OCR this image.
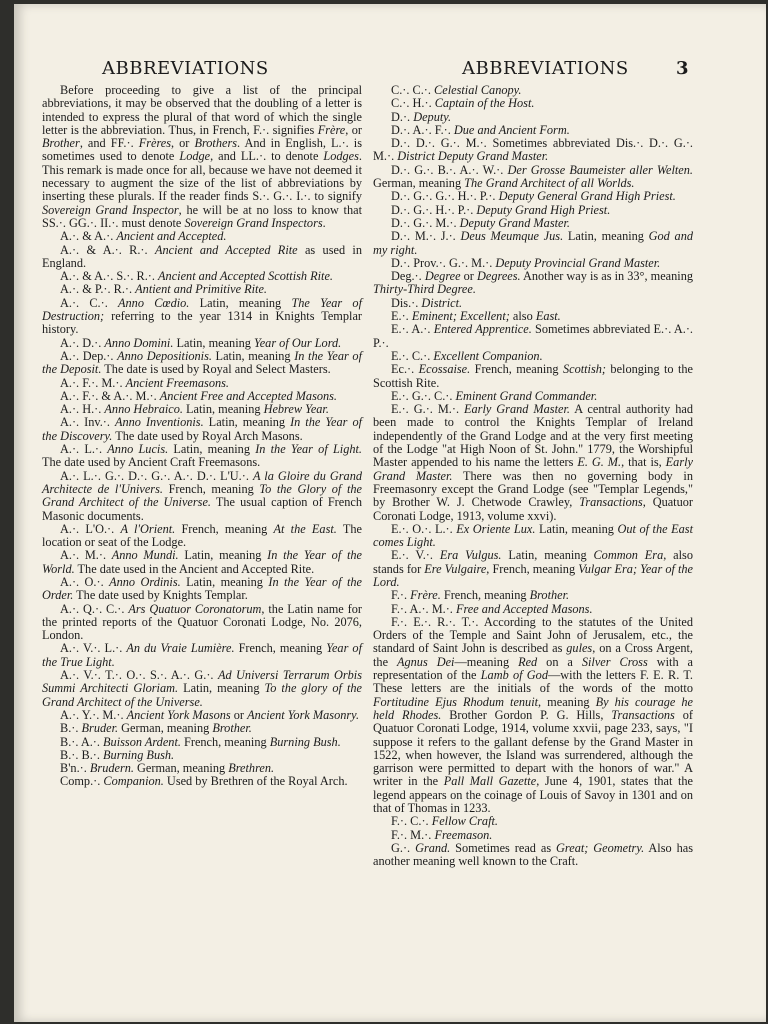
ABBREVIATIONS	ABBREVIATIONS	3

Before proceeding to give a list of the principal abbreviations, it may be observed that the doubling of a letter is intended to express the plural of that word of which the single letter is the abbreviation. Thus, in French, F.·. signifies Frère, or Brother, and FF.·. Frères, or Brothers. And in English, L.·. is sometimes used to denote Lodge, and LL.·. to denote Lodges. This remark is made once for all, because we have not deemed it necessary to augment the size of the list of abbreviations by inserting these plurals. If the reader finds S.·. G.·. I.·. to signify Sovereign Grand Inspector, he will be at no loss to know that SS.·. GG.·. II.·. must denote Sovereign Grand Inspectors.

A.·. & A.·. Ancient and Accepted.

A.·. & A.·. R.·. Ancient and Accepted Rite as used in England.

A.·. & A.·. S.·. R.·. Ancient and Accepted Scottish Rite.

A.·. & P.·. R.·. Antient and Primitive Rite.

A.·. C.·. Anno Cœdio. Latin, meaning The Year of Destruction; referring to the year 1314 in Knights Templar history.

A.·. D.·. Anno Domini. Latin, meaning Year of Our Lord.

A.·. Dep.·. Anno Depositionis. Latin, meaning In the Year of the Deposit. The date is used by Royal and Select Masters.

A.·. F.·. M.·. Ancient Freemasons.

A.·. F.·. & A.·. M.·. Ancient Free and Accepted Masons.

A.·. H.·. Anno Hebraico. Latin, meaning Hebrew Year.

A.·. Inv.·. Anno Inventionis. Latin, meaning In the Year of the Discovery. The date used by Royal Arch Masons.

A.·. L.·. Anno Lucis. Latin, meaning In the Year of Light. The date used by Ancient Craft Freemasons.

A.·. L.·. G.·. D.·. G.·. A.·. D.·. L'U.·. A la Gloire du Grand Architecte de l'Univers. French, meaning To the Glory of the Grand Architect of the Universe. The usual caption of French Masonic documents.

A.·. L'O.·. A l'Orient. French, meaning At the East. The location or seat of the Lodge.

A.·. M.·. Anno Mundi. Latin, meaning In the Year of the World. The date used in the Ancient and Accepted Rite.

A.·. O.·. Anno Ordinis. Latin, meaning In the Year of the Order. The date used by Knights Templar.

A.·. Q.·. C.·. Ars Quatuor Coronatorum, the Latin name for the printed reports of the Quatuor Coronati Lodge, No. 2076, London.

A.·. V.·. L.·. An du Vraie Lumière. French, meaning Year of the True Light.

A.·. V.·. T.·. O.·. S.·. A.·. G.·. Ad Universi Terrarum Orbis Summi Architecti Gloriam. Latin, meaning To the glory of the Grand Architect of the Universe.

A.·. Y.·. M.·. Ancient York Masons or Ancient York Masonry.

B.·. Bruder. German, meaning Brother.

B.·. A.·. Buisson Ardent. French, meaning Burning Bush.

B.·. B.·. Burning Bush.

B'n.·. Brudern. German, meaning Brethren.

Comp.·. Companion. Used by Brethren of the Royal Arch.

C.·. C.·. Celestial Canopy.

C.·. H.·. Captain of the Host.

D.·. Deputy.

D.·. A.·. F.·. Due and Ancient Form.

D.·. D.·. G.·. M.·. Sometimes abbreviated Dis.·. D.·. G.·. M.·. District Deputy Grand Master.

D.·. G.·. B.·. A.·. W.·. Der Grosse Baumeister aller Welten. German, meaning The Grand Architect of all Worlds.

D.·. G.·. G.·. H.·. P.·. Deputy General Grand High Priest.

D.·. G.·. H.·. P.·. Deputy Grand High Priest.

D.·. G.·. M.·. Deputy Grand Master.

D.·. M.·. J.·. Deus Meumque Jus. Latin, meaning God and my right.

D.·. Prov.·. G.·. M.·. Deputy Provincial Grand Master.

Deg.·. Degree or Degrees. Another way is as in 33°, meaning Thirty-Third Degree.

Dis.·. District.

E.·. Eminent; Excellent; also East.

E.·. A.·. Entered Apprentice. Sometimes abbreviated E.·. A.·. P.·.

E.·. C.·. Excellent Companion.

Ec.·. Ecossaise. French, meaning Scottish; belonging to the Scottish Rite.

E.·. G.·. C.·. Eminent Grand Commander.

E.·. G.·. M.·. Early Grand Master. A central authority had been made to control the Knights Templar of Ireland independently of the Grand Lodge and at the very first meeting of the Lodge "at High Noon of St. John." 1779, the Worshipful Master appended to his name the letters E. G. M., that is, Early Grand Master. There was then no governing body in Freemasonry except the Grand Lodge (see "Templar Legends," by Brother W. J. Chetwode Crawley, Transactions, Quatuor Coronati Lodge, 1913, volume xxvi).

E.·. O.·. L.·. Ex Oriente Lux. Latin, meaning Out of the East comes Light.

E.·. V.·. Era Vulgus. Latin, meaning Common Era, also stands for Ere Vulgaire, French, meaning Vulgar Era; Year of the Lord.

F.·. Frère. French, meaning Brother.

F.·. A.·. M.·. Free and Accepted Masons.

F.·. E.·. R.·. T.·. According to the statutes of the United Orders of the Temple and Saint John of Jerusalem, etc., the standard of Saint John is described as gules, on a Cross Argent, the Agnus Dei—meaning Red on a Silver Cross with a representation of the Lamb of God—with the letters F. E. R. T. These letters are the initials of the words of the motto Fortitudine Ejus Rhodum tenuit, meaning By his courage he held Rhodes. Brother Gordon P. G. Hills, Transactions of Quatuor Coronati Lodge, 1914, volume xxvii, page 233, says, "I suppose it refers to the gallant defense by the Grand Master in 1522, when however, the Island was surrendered, although the garrison were permitted to depart with the honors of war." A writer in the Pall Mall Gazette, June 4, 1901, states that the legend appears on the coinage of Louis of Savoy in 1301 and on that of Thomas in 1233.

F.·. C.·. Fellow Craft.

F.·. M.·. Freemason.

G.·. Grand. Sometimes read as Great; Geometry. Also has another meaning well known to the Craft.
